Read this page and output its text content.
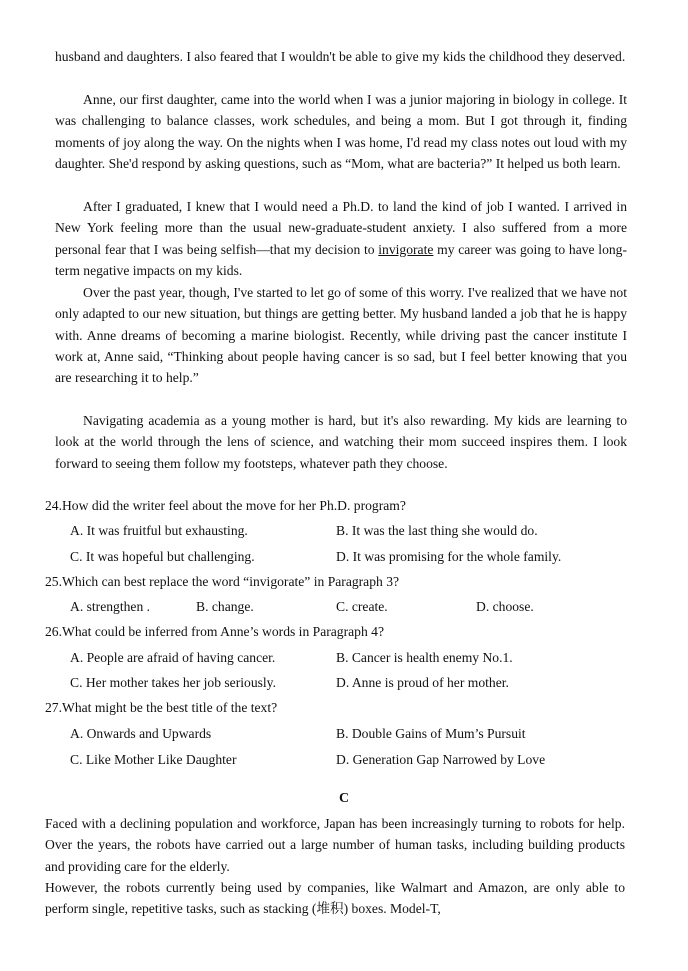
husband and daughters. I also feared that I wouldn't be able to give my kids the childhood they deserved.

Anne, our first daughter, came into the world when I was a junior majoring in biology in college. It was challenging to balance classes, work schedules, and being a mom. But I got through it, finding moments of joy along the way. On the nights when I was home, I'd read my class notes out loud with my daughter. She'd respond by asking questions, such as “Mom, what are bacteria?” It helped us both learn.

After I graduated, I knew that I would need a Ph.D. to land the kind of job I wanted. I arrived in New York feeling more than the usual new-graduate-student anxiety. I also suffered from a more personal fear that I was being selfish—that my decision to invigorate my career was going to have long-term negative impacts on my kids.

Over the past year, though, I've started to let go of some of this worry. I've realized that we have not only adapted to our new situation, but things are getting better. My husband landed a job that he is happy with. Anne dreams of becoming a marine biologist. Recently, while driving past the cancer institute I work at, Anne said, “Thinking about people having cancer is so sad, but I feel better knowing that you are researching it to help.”

Navigating academia as a young mother is hard, but it's also rewarding. My kids are learning to look at the world through the lens of science, and watching their mom succeed inspires them. I look forward to seeing them follow my footsteps, whatever path they choose.

24.How did the writer feel about the move for her Ph.D. program?

A. It was fruitful but exhausting.	B. It was the last thing she would do.

C. It was hopeful but challenging.	D. It was promising for the whole family.

25.Which can best replace the word “invigorate” in Paragraph 3?

A. strengthen .	B. change.	C. create.	D. choose.

26.What could be inferred from Anne’s words in Paragraph 4?

A. People are afraid of having cancer.	B. Cancer is health enemy No.1.

C. Her mother takes her job seriously.	D. Anne is proud of her mother.

27.What might be the best title of the text?

A. Onwards and Upwards	B. Double Gains of Mum’s Pursuit

C. Like Mother Like Daughter	D. Generation Gap Narrowed by Love

C

Faced with a declining population and workforce, Japan has been increasingly turning to robots for help. Over the years, the robots have carried out a large number of human tasks, including building products and providing care for the elderly.

However, the robots currently being used by companies, like Walmart and Amazon, are only able to perform single, repetitive tasks, such as stacking (堆积) boxes. Model-T,
